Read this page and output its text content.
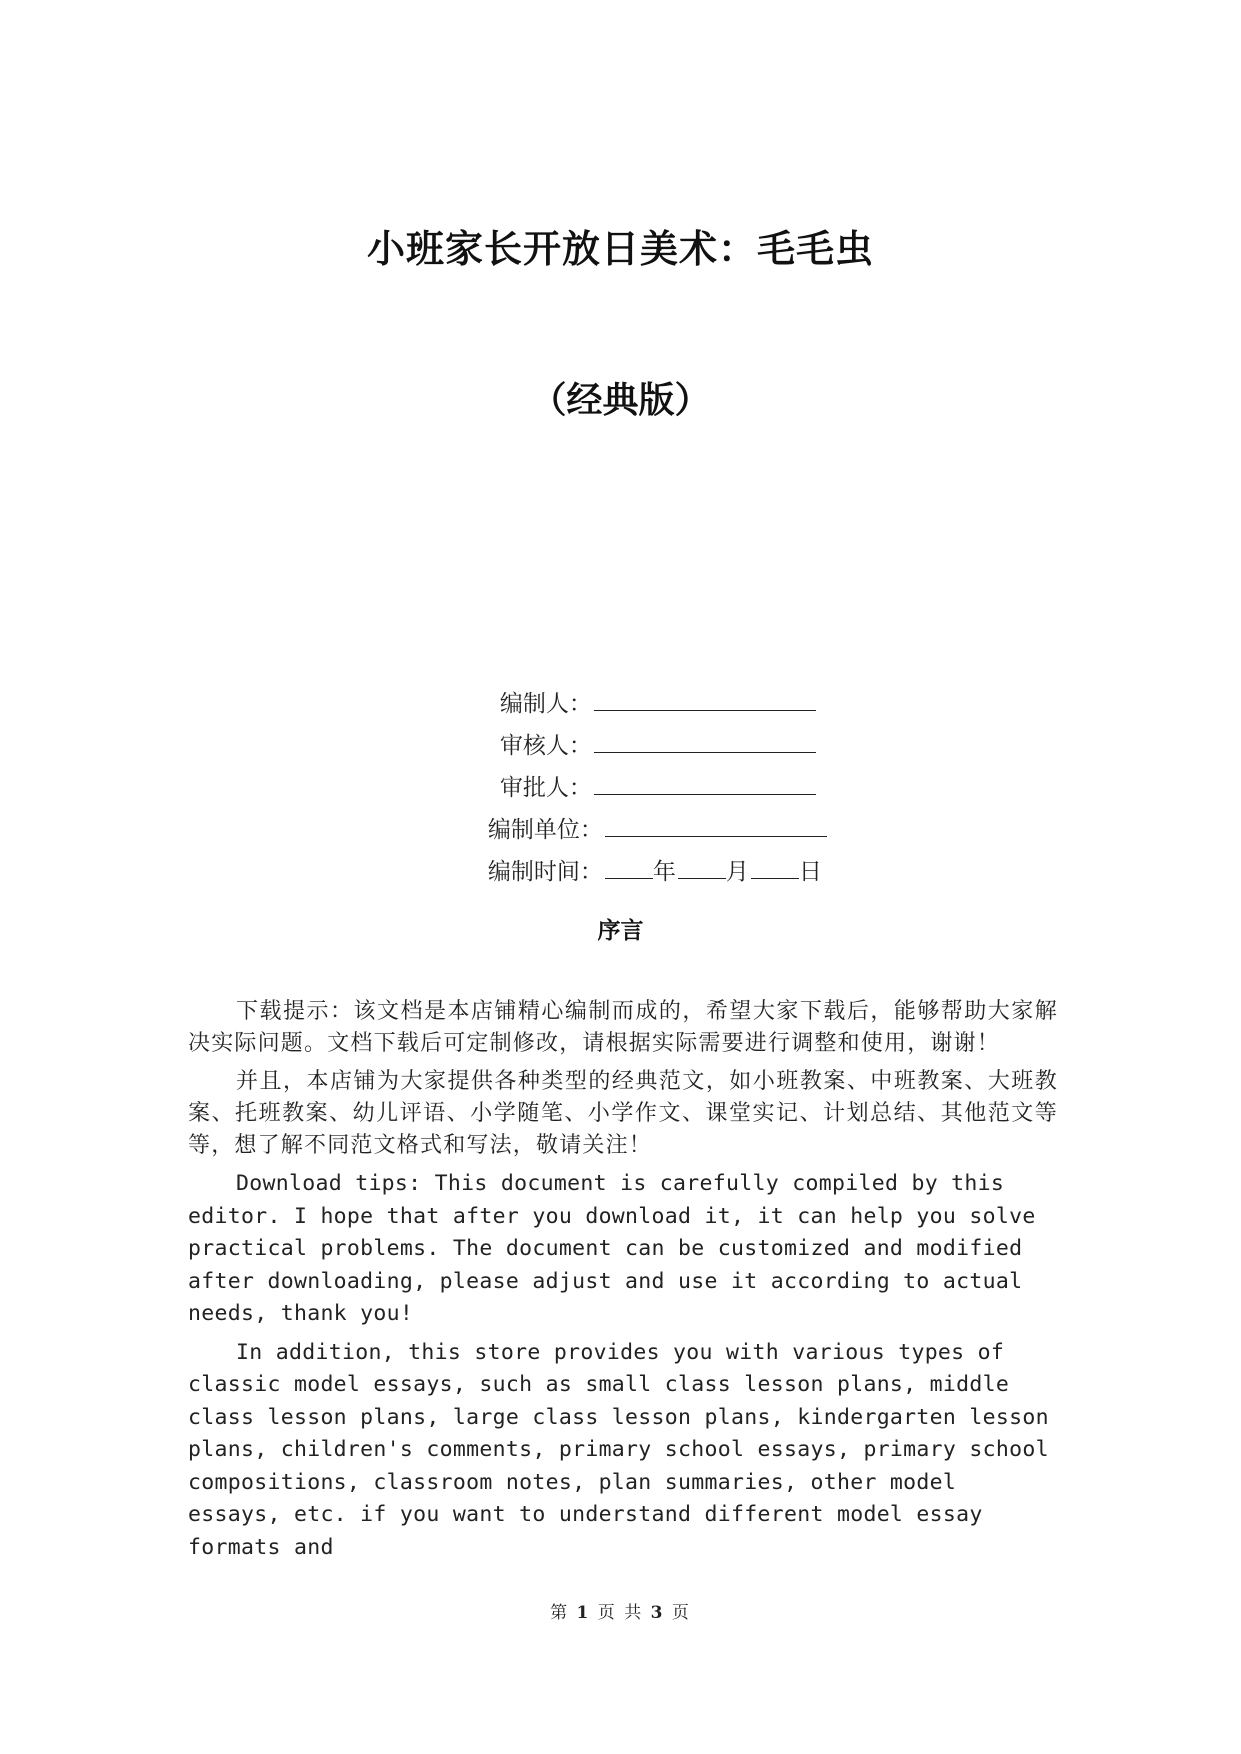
小班家长开放日美术：毛毛虫
（经典版）

编制人：

审核人：

审批人：

编制单位：

编制时间： 年 月 日

序言

下载提示：该文档是本店铺精心编制而成的，希望大家下载后，能够帮助大家解决实际问题。文档下载后可定制修改，请根据实际需要进行调整和使用，谢谢！

并且，本店铺为大家提供各种类型的经典范文，如小班教案、中班教案、大班教案、托班教案、幼儿评语、小学随笔、小学作文、课堂实记、计划总结、其他范文等等，想了解不同范文格式和写法，敬请关注！

Download tips: This document is carefully compiled by this editor. I hope that after you download it, it can help you solve practical problems. The document can be customized and modified after downloading, please adjust and use it according to actual needs, thank you!

In addition, this store provides you with various types of classic model essays, such as small class lesson plans, middle class lesson plans, large class lesson plans, kindergarten lesson plans, children's comments, primary school essays, primary school compositions, classroom notes, plan summaries, other model essays, etc. if you want to understand different model essay formats and

第 1 页 共 3 页
